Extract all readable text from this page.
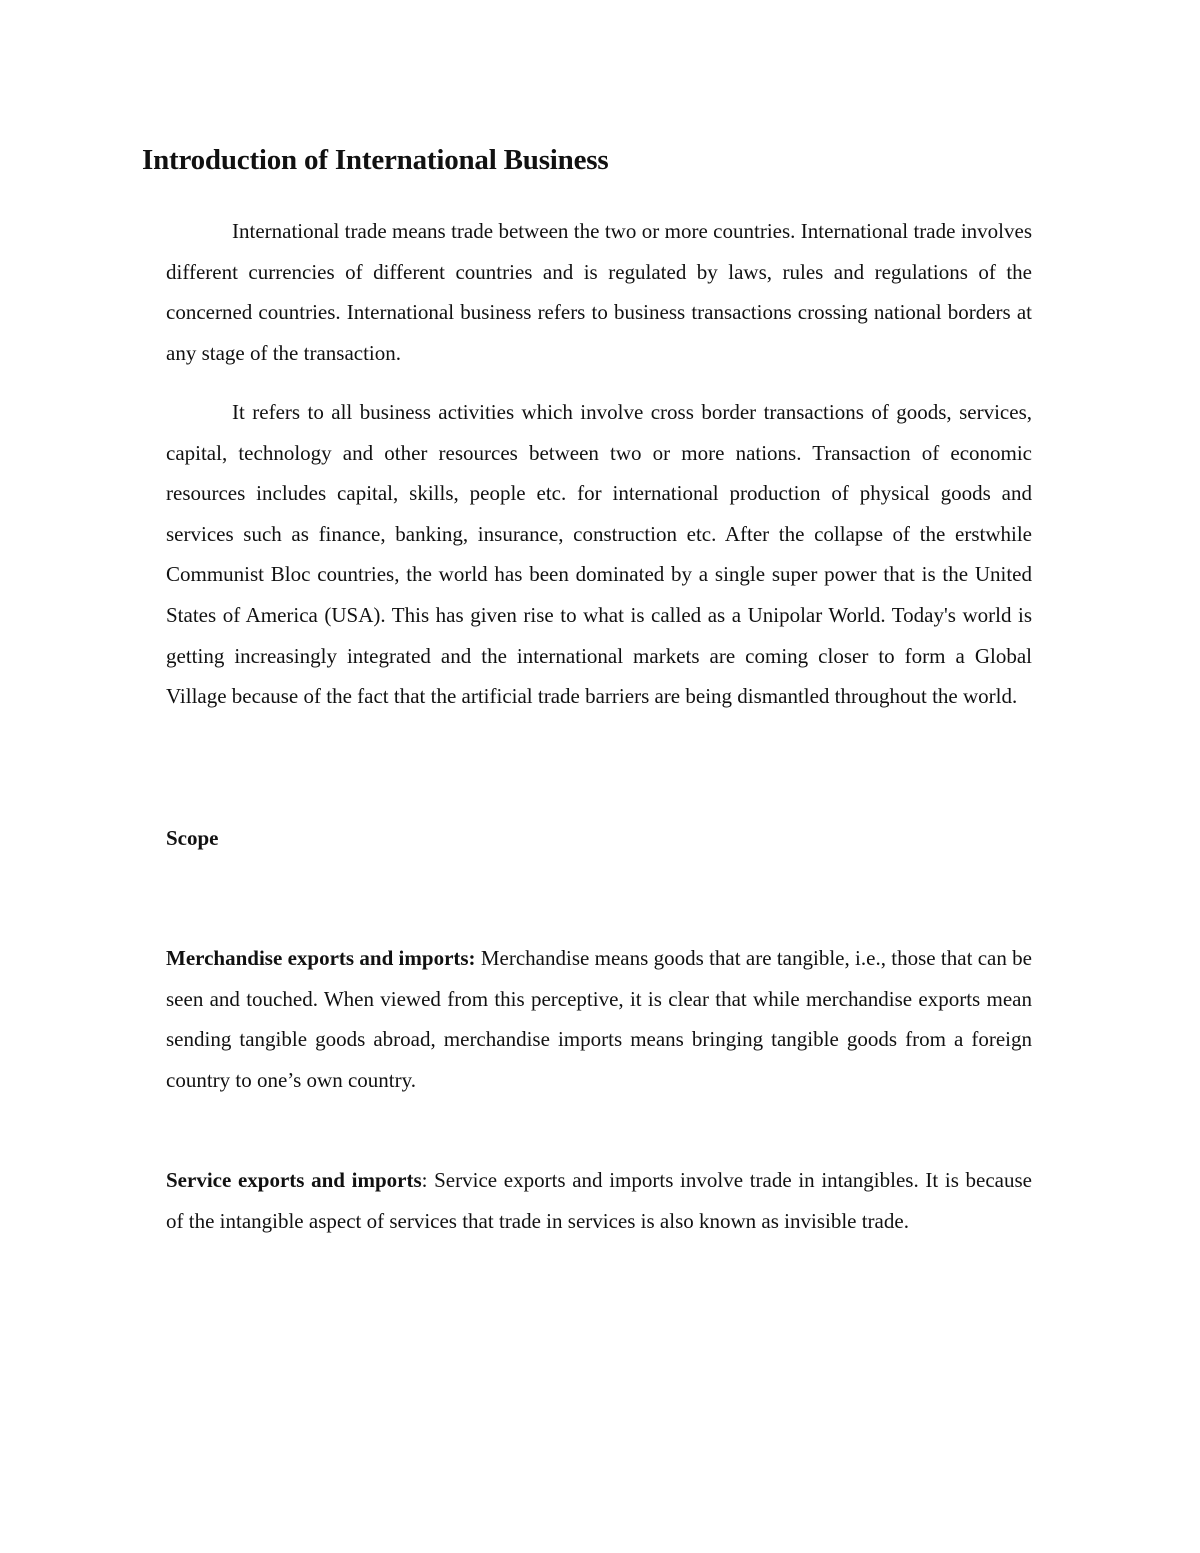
Introduction of International Business

International trade means trade between the two or more countries. International trade involves different currencies of different countries and is regulated by laws, rules and regulations of the concerned countries. International business refers to business transactions crossing national borders at any stage of the transaction.

It refers to all business activities which involve cross border transactions of goods, services, capital, technology and other resources between two or more nations. Transaction of economic resources includes capital, skills, people etc. for international production of physical goods and services such as finance, banking, insurance, construction etc. After the collapse of the erstwhile Communist Bloc countries, the world has been dominated by a single super power that is the United States of America (USA). This has given rise to what is called as a Unipolar World. Today's world is getting increasingly integrated and the international markets are coming closer to form a Global Village because of the fact that the artificial trade barriers are being dismantled throughout the world.

Scope

Merchandise exports and imports: Merchandise means goods that are tangible, i.e., those that can be seen and touched. When viewed from this perceptive, it is clear that while merchandise exports mean sending tangible goods abroad, merchandise imports means bringing tangible goods from a foreign country to one’s own country.

Service exports and imports: Service exports and imports involve trade in intangibles. It is because of the intangible aspect of services that trade in services is also known as invisible trade.
